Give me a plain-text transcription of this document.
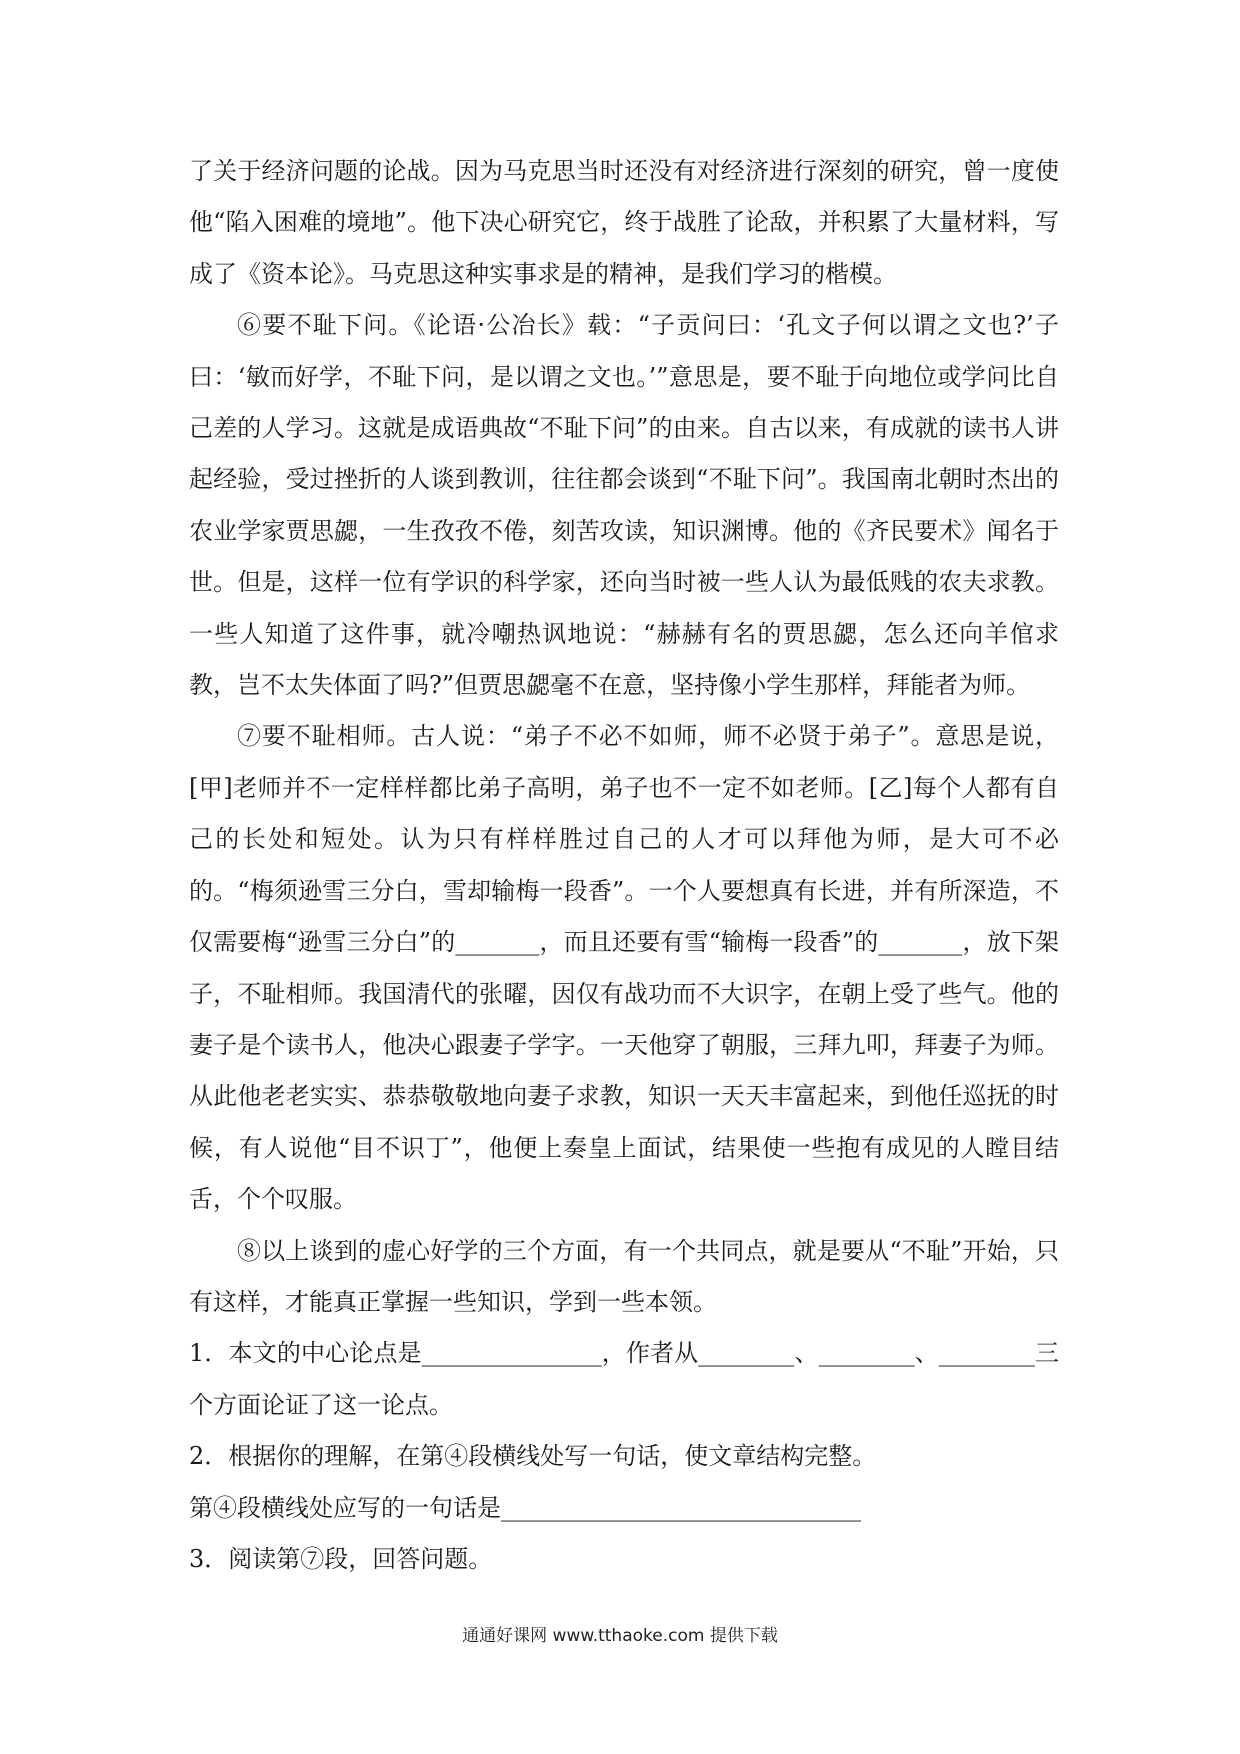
了关于经济问题的论战。因为马克思当时还没有对经济进行深刻的研究，曾一度使他“陷入困难的境地”。他下决心研究它，终于战胜了论敌，并积累了大量材料，写成了《资本论》。马克思这种实事求是的精神，是我们学习的楷模。

⑥要不耻下问。《论语·公冶长》载：“子贡问曰：‘孔文子何以谓之文也?’子曰：‘敏而好学，不耻下问，是以谓之文也。’”意思是，要不耻于向地位或学问比自己差的人学习。这就是成语典故“不耻下问”的由来。自古以来，有成就的读书人讲起经验，受过挫折的人谈到教训，往往都会谈到“不耻下问”。我国南北朝时杰出的农业学家贾思勰，一生孜孜不倦，刻苦攻读，知识渊博。他的《齐民要术》闻名于世。但是，这样一位有学识的科学家，还向当时被一些人认为最低贱的农夫求教。一些人知道了这件事，就冷嘲热讽地说：“赫赫有名的贾思勰，怎么还向羊倌求教，岂不太失体面了吗?”但贾思勰毫不在意，坚持像小学生那样，拜能者为师。

⑦要不耻相师。古人说：“弟子不必不如师，师不必贤于弟子”。意思是说，[甲]老师并不一定样样都比弟子高明，弟子也不一定不如老师。[乙]每个人都有自己的长处和短处。认为只有样样胜过自己的人才可以拜他为师，是大可不必的。“梅须逊雪三分白，雪却输梅一段香”。一个人要想真有长进，并有所深造，不仅需要梅“逊雪三分白”的_______，而且还要有雪“输梅一段香”的_______，放下架子，不耻相师。我国清代的张曜，因仅有战功而不大识字，在朝上受了些气。他的妻子是个读书人，他决心跟妻子学字。一天他穿了朝服，三拜九叩，拜妻子为师。从此他老老实实、恭恭敬敬地向妻子求教，知识一天天丰富起来，到他任巡抚的时候，有人说他“目不识丁”，他便上奏皇上面试，结果使一些抱有成见的人瞠目结舌，个个叹服。

⑧以上谈到的虚心好学的三个方面，有一个共同点，就是要从“不耻”开始，只有这样，才能真正掌握一些知识，学到一些本领。

1．本文的中心论点是_______________，作者从________、________、________三个方面论证了这一论点。

2．根据你的理解，在第④段横线处写一句话，使文章结构完整。

第④段横线处应写的一句话是______________________________

3．阅读第⑦段，回答问题。

通通好课网 www.tthaoke.com 提供下载
